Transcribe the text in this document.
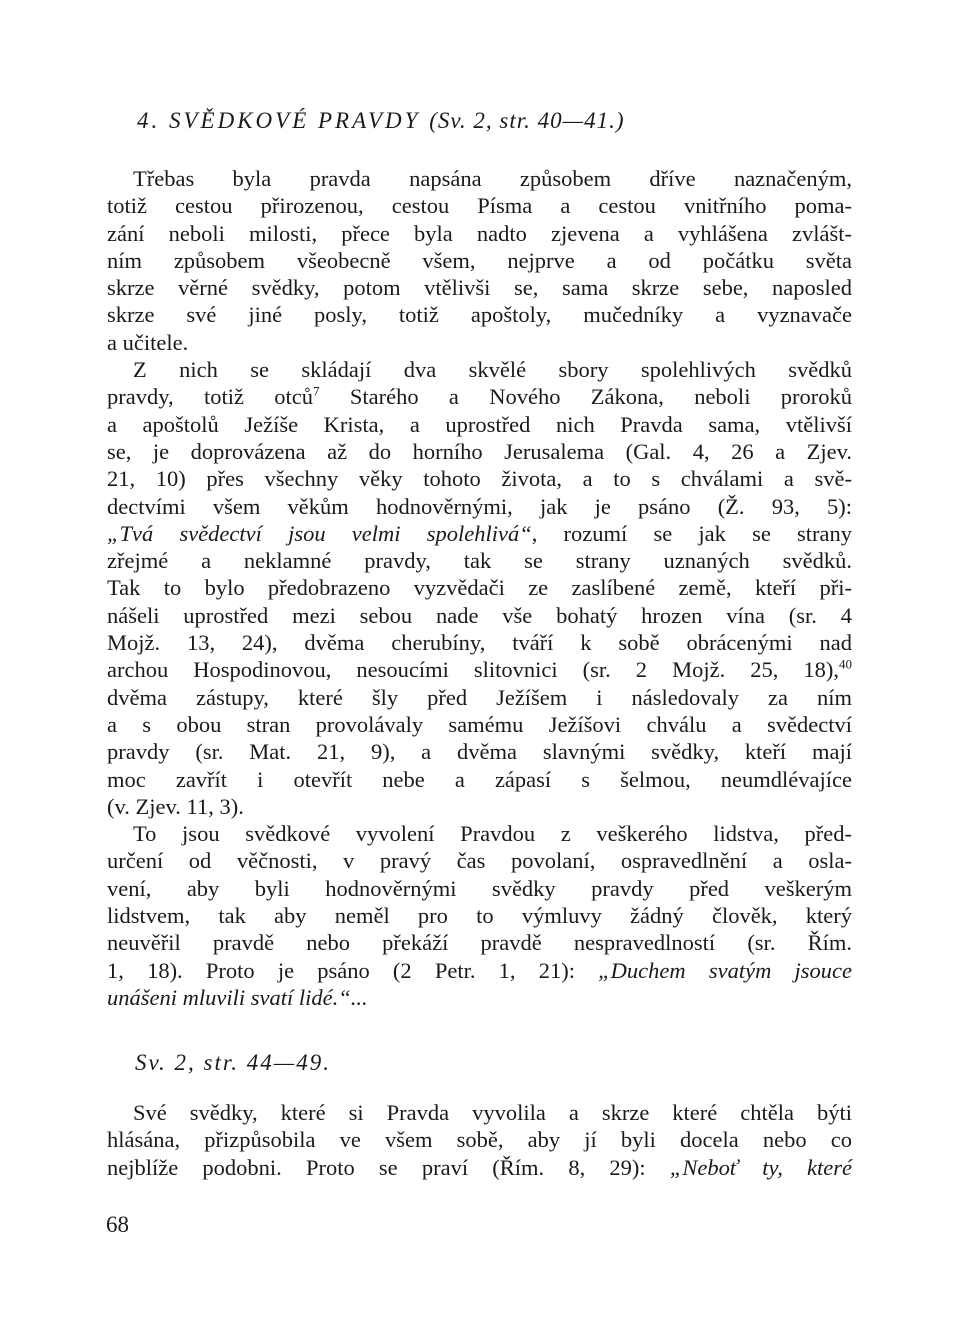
4. SVĚDKOVÉ PRAVDY (Sv. 2, str. 40—41.)
Třebas byla pravda napsána způsobem dříve naznačeným,
totiž cestou přirozenou, cestou Písma a cestou vnitřního poma-
zání neboli milosti, přece byla nadto zjevena a vyhlášena zvlášt-
ním způsobem všeobecně všem, nejprve a od počátku světa
skrze věrné svědky, potom vtělivši se, sama skrze sebe, naposled
skrze své jiné posly, totiž apoštoly, mučedníky a vyznavače
a učitele.
Z nich se skládají dva skvělé sbory spolehlivých svědků
pravdy, totiž otců$^7$ Starého a Nového Zákona, neboli proroků
a apoštolů Ježíše Krista, a uprostřed nich Pravda sama, vtělivší
se, je doprovázena až do horního Jerusalema (Gal. 4, 26 a Zjev.
21, 10) přes všechny věky tohoto života, a to s chválami a svě-
dectvími všem věkům hodnověrnými, jak je psáno (Ž. 93, 5):
„Tvá svědectví jsou velmi spolehlivá“, rozumí se jak se strany
zřejmé a neklamné pravdy, tak se strany uznaných svědků.
Tak to bylo předobrazeno vyzvědači ze zaslíbené země, kteří při-
nášeli uprostřed mezi sebou nade vše bohatý hrozen vína (sr. 4
Mojž. 13, 24), dvěma cherubíny, tváří k sobě obrácenými nad
archou Hospodinovou, nesoucími slitovnici (sr. 2 Mojž. 25, 18),$^{40}$
dvěma zástupy, které šly před Ježíšem i následovaly za ním
a s obou stran provolávaly samému Ježíšovi chválu a svědectví
pravdy (sr. Mat. 21, 9), a dvěma slavnými svědky, kteří mají
moc zavřít i otevřít nebe a zápasí s šelmou, neumdlévajíce
(v. Zjev. 11, 3).
To jsou svědkové vyvolení Pravdou z veškerého lidstva, před-
určení od věčnosti, v pravý čas povolaní, ospravedlnění a osla-
vení, aby byli hodnověrnými svědky pravdy před veškerým
lidstvem, tak aby neměl pro to výmluvy žádný člověk, který
neuvěřil pravdě nebo překáží pravdě nespravedlností (sr. Řím.
1, 18). Proto je psáno (2 Petr. 1, 21): „Duchem svatým jsouce
unášeni mluvili svatí lidé.“...
Sv. 2, str. 44—49.
Své svědky, které si Pravda vyvolila a skrze které chtěla býti
hlásána, přizpůsobila ve všem sobě, aby jí byli docela nebo co
nejblíže podobni. Proto se praví (Řím. 8, 29): „Neboť ty, které
68
